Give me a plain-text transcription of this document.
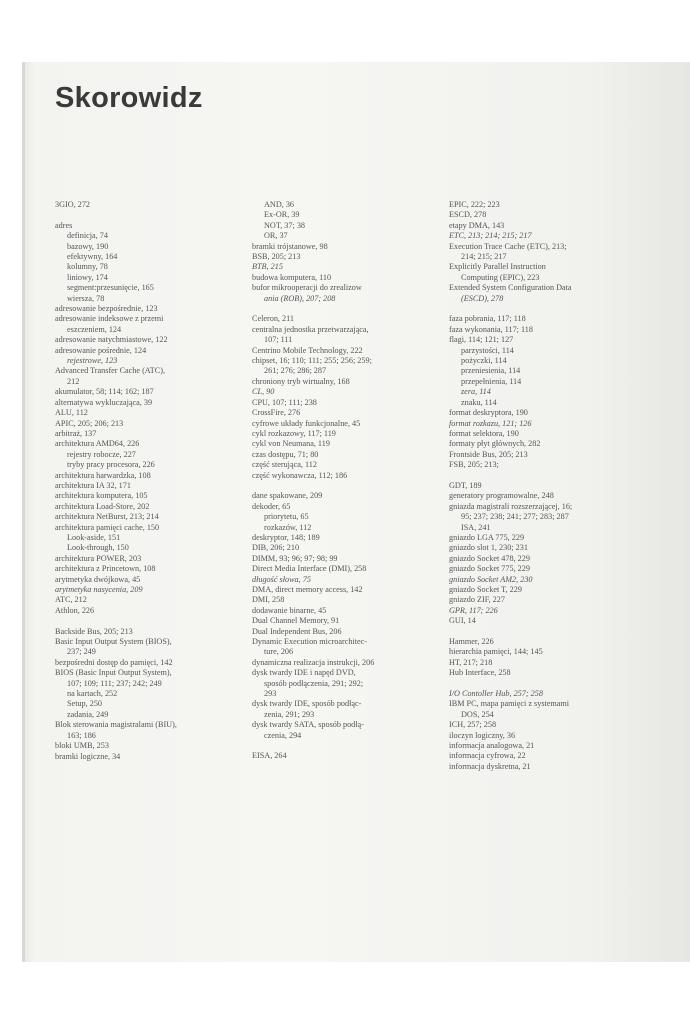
Skorowidz
3GIO, 272
adres
definicja, 74
bazowy, 190
efektywny, 164
kolumny, 78
liniowy, 174
segment:przesunięcie, 165
wiersza, 78
adresowanie bezpośrednie, 123
adresowanie indeksowe z przemi
eszczeniem, 124
adresowanie natychmiastowe, 122
adresowanie pośrednie, 124
rejestrowe, 123
Advanced Transfer Cache (ATC),
212
akumulator, 58; 114; 162; 187
alternatywa wykluczająca, 39
ALU, 112
APIC, 205; 206; 213
arbitraż, 137
architektura AMD64, 226
rejestry robocze, 227
tryby pracy procesora, 226
architektura harwardzka, 108
architektura IA 32, 171
architektura komputera, 105
architektura Load-Store, 202
architektura NetBurst, 213; 214
architektura pamięci cache, 150
Look-aside, 151
Look-through, 150
architektura POWER, 203
architektura z Princetown, 108
arytmetyka dwójkowa, 45
arytmetyka nasycenia, 209
ATC, 212
Athlon, 226
Backside Bus, 205; 213
Basic Input Output System (BIOS),
237; 249
bezpośredni dostęp do pamięci, 142
BIOS (Basic Input Output System),
107; 109; 111; 237; 242; 249
na kartach, 252
Setup, 250
zadania, 249
Blok sterowania magistralami (BIU),
163; 186
bloki UMB, 253
bramki logiczne, 34
AND, 36
Ex-OR, 39
NOT, 37; 38
OR, 37
bramki trójstanowe, 98
BSB, 205; 213
BTB, 215
budowa komputera, 110
bufor mikrooperacji do zrealizow
ania (ROB), 207; 208
Celeron, 211
centralna jednostka przetwarzająca,
107; 111
Centrino Mobile Technology, 222
chipset, 16; 110; 111; 255; 256; 259;
261; 276; 286; 287
chroniony tryb wirtualny, 168
CL, 90
CPU, 107; 111; 238
CrossFire, 276
cyfrowe układy funkcjonalne, 45
cykl rozkazowy, 117; 119
cykl von Neumana, 119
czas dostępu, 71; 80
część sterująca, 112
część wykonawcza, 112; 186
dane spakowane, 209
dekoder, 65
priorytetu, 65
rozkazów, 112
deskryptor, 148; 189
DIB, 206; 210
DIMM, 93; 96; 97; 98; 99
Direct Media Interface (DMI), 258
długość słowa, 75
DMA, direct memory access, 142
DMI, 258
dodawanie binarne, 45
Dual Channel Memory, 91
Dual Independent Bus, 206
Dynamic Execution microarchitec-
ture, 206
dynamiczna realizacja instrukcji, 206
dysk twardy IDE i napęd DVD,
sposób podłączenia, 291; 292;
293
dysk twardy IDE, sposób podłąc-
zenia, 291; 293
dysk twardy SATA, sposób podłą-
czenia, 294
EISA, 264
EPIC, 222; 223
ESCD, 278
etapy DMA, 143
ETC, 213; 214; 215; 217
Execution Trace Cache (ETC), 213;
214; 215; 217
Explicitly Parallel Instruction
Computing (EPIC), 223
Extended System Configuration Data
(ESCD), 278
faza pobrania, 117; 118
faza wykonania, 117; 118
flagi, 114; 121; 127
parzystości, 114
pożyczki, 114
przeniesienia, 114
przepełnienia, 114
zera, 114
znaku, 114
format deskryptora, 190
format rozkazu, 121; 126
format selektora, 190
formaty płyt głównych, 282
Frontside Bus, 205; 213
FSB, 205; 213;
GDT, 189
generatory programowalne, 248
gniazda magistrali rozszerzającej, 16;
95; 237; 238; 241; 277; 283; 287
ISA, 241
gniazdo LGA 775, 229
gniazdo slot 1, 230; 231
gniazdo Socket 478, 229
gniazdo Socket 775, 229
gniazdo Socket AM2, 230
gniazdo Socket T, 229
gniazdo ZIF, 227
GPR, 117; 226
GUI, 14
Hammer, 226
hierarchia pamięci, 144; 145
HT, 217; 218
Hub Interface, 258
I/O Contoller Hub, 257; 258
IBM PC, mapa pamięci z systemami
DOS, 254
ICH, 257; 258
iloczyn logiczny, 36
informacja analogowa, 21
informacja cyfrowa, 22
informacja dyskretna, 21
